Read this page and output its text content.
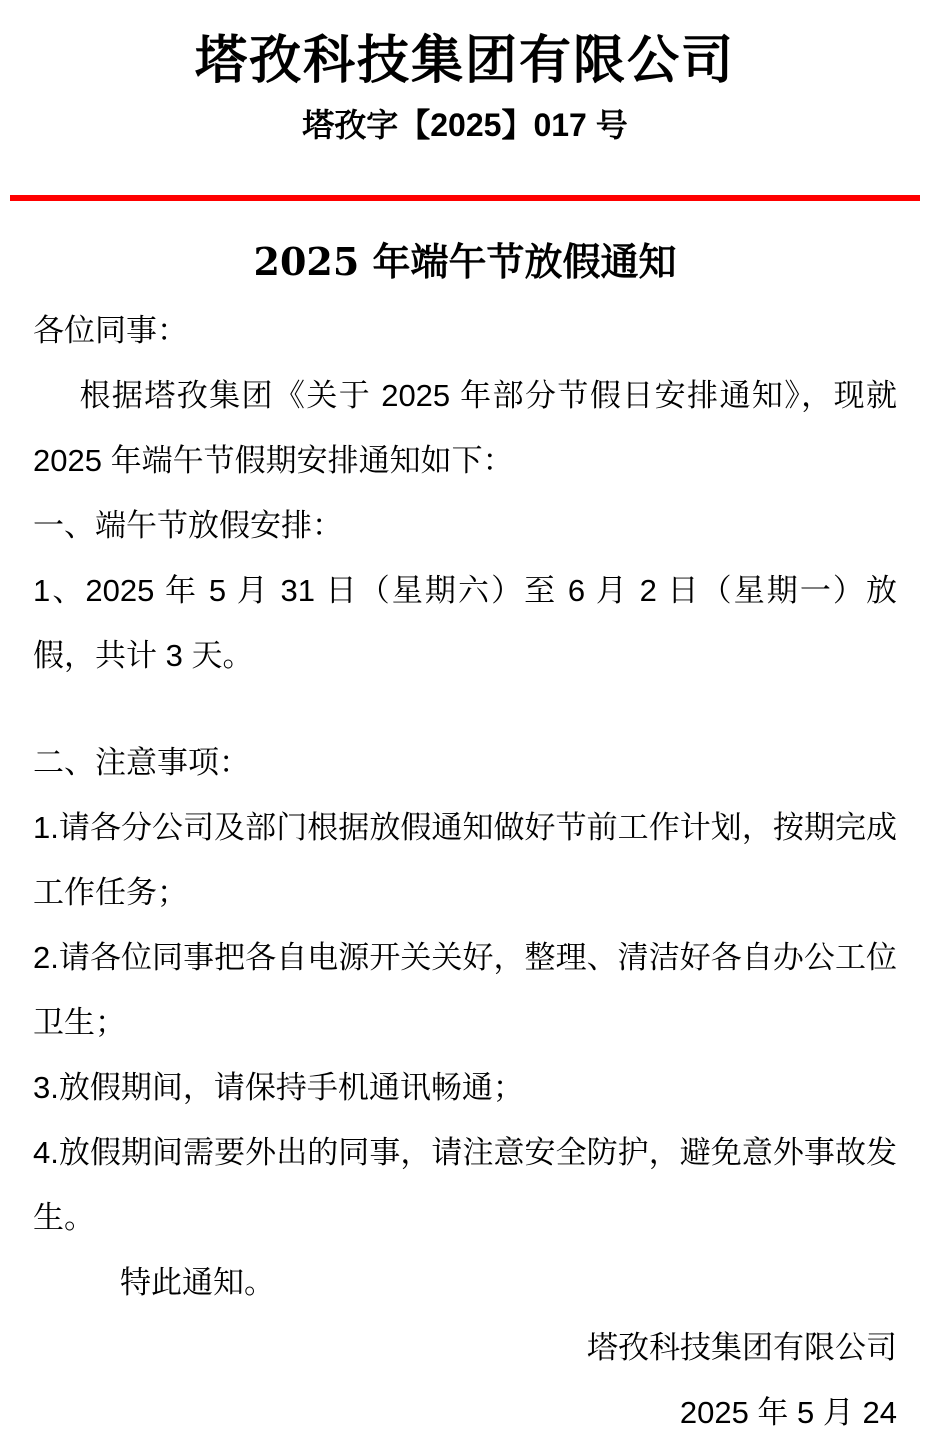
塔孜科技集团有限公司
塔孜字【2025】017 号
2025 年端午节放假通知

各位同事：

根据塔孜集团《关于 2025 年部分节假日安排通知》，现就 2025 年端午节假期安排通知如下：

一、端午节放假安排：

1、2025 年 5 月 31 日（星期六）至 6 月 2 日（星期一）放假，共计 3 天。

二、注意事项：

1.请各分公司及部门根据放假通知做好节前工作计划，按期完成工作任务；

2.请各位同事把各自电源开关关好，整理、清洁好各自办公工位卫生；

3.放假期间，请保持手机通讯畅通；

4.放假期间需要外出的同事，请注意安全防护，避免意外事故发生。

特此通知。

塔孜科技集团有限公司

2025 年 5 月 24
